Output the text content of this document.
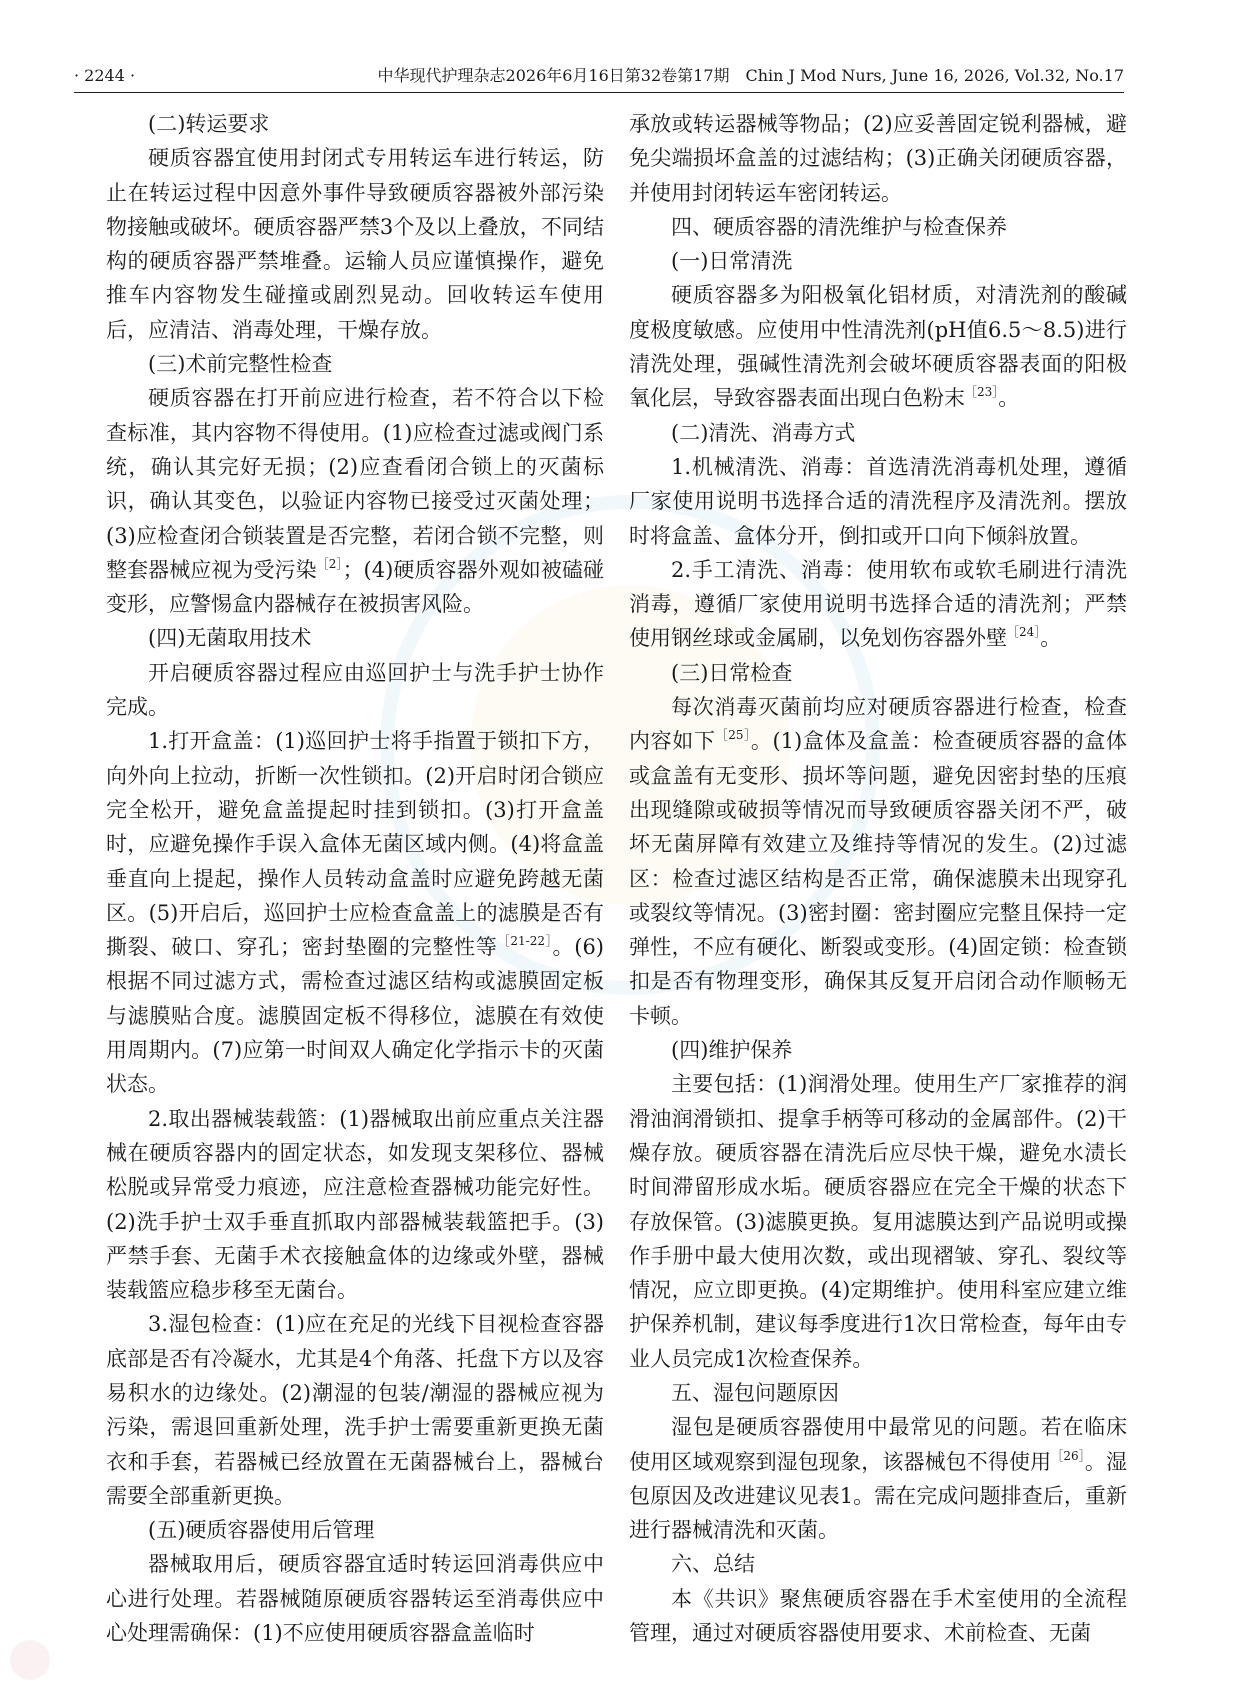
· 2244 ·	中华现代护理杂志2026年6月16日第32卷第17期　Chin J Mod Nurs, June 16, 2026, Vol.32, No.17

(二)转运要求

硬质容器宜使用封闭式专用转运车进行转运，防止在转运过程中因意外事件导致硬质容器被外部污染物接触或破坏。硬质容器严禁3个及以上叠放，不同结构的硬质容器严禁堆叠。运输人员应谨慎操作，避免推车内容物发生碰撞或剧烈晃动。回收转运车使用后，应清洁、消毒处理，干燥存放。

(三)术前完整性检查

硬质容器在打开前应进行检查，若不符合以下检查标准，其内容物不得使用。(1)应检查过滤或阀门系统，确认其完好无损；(2)应查看闭合锁上的灭菌标识，确认其变色，以验证内容物已接受过灭菌处理；(3)应检查闭合锁装置是否完整，若闭合锁不完整，则整套器械应视为受污染$^{[2]}$；(4)硬质容器外观如被磕碰变形，应警惕盒内器械存在被损害风险。

(四)无菌取用技术

开启硬质容器过程应由巡回护士与洗手护士协作完成。

1.打开盒盖：(1)巡回护士将手指置于锁扣下方，向外向上拉动，折断一次性锁扣。(2)开启时闭合锁应完全松开，避免盒盖提起时挂到锁扣。(3)打开盒盖时，应避免操作手误入盒体无菌区域内侧。(4)将盒盖垂直向上提起，操作人员转动盒盖时应避免跨越无菌区。(5)开启后，巡回护士应检查盒盖上的滤膜是否有撕裂、破口、穿孔；密封垫圈的完整性等$^{[21-22]}$。(6)根据不同过滤方式，需检查过滤区结构或滤膜固定板与滤膜贴合度。滤膜固定板不得移位，滤膜在有效使用周期内。(7)应第一时间双人确定化学指示卡的灭菌状态。

2.取出器械装载篮：(1)器械取出前应重点关注器械在硬质容器内的固定状态，如发现支架移位、器械松脱或异常受力痕迹，应注意检查器械功能完好性。(2)洗手护士双手垂直抓取内部器械装载篮把手。(3)严禁手套、无菌手术衣接触盒体的边缘或外壁，器械装载篮应稳步移至无菌台。

3.湿包检查：(1)应在充足的光线下目视检查容器底部是否有冷凝水，尤其是4个角落、托盘下方以及容易积水的边缘处。(2)潮湿的包装/潮湿的器械应视为污染，需退回重新处理，洗手护士需要重新更换无菌衣和手套，若器械已经放置在无菌器械台上，器械台需要全部重新更换。

(五)硬质容器使用后管理

器械取用后，硬质容器宜适时转运回消毒供应中心进行处理。若器械随原硬质容器转运至消毒供应中心处理需确保：(1)不应使用硬质容器盒盖临时

承放或转运器械等物品；(2)应妥善固定锐利器械，避免尖端损坏盒盖的过滤结构；(3)正确关闭硬质容器，并使用封闭转运车密闭转运。

四、硬质容器的清洗维护与检查保养

(一)日常清洗

硬质容器多为阳极氧化铝材质，对清洗剂的酸碱度极度敏感。应使用中性清洗剂(pH值6.5～8.5)进行清洗处理，强碱性清洗剂会破坏硬质容器表面的阳极氧化层，导致容器表面出现白色粉末$^{[23]}$。

(二)清洗、消毒方式

1.机械清洗、消毒：首选清洗消毒机处理，遵循厂家使用说明书选择合适的清洗程序及清洗剂。摆放时将盒盖、盒体分开，倒扣或开口向下倾斜放置。

2.手工清洗、消毒：使用软布或软毛刷进行清洗消毒，遵循厂家使用说明书选择合适的清洗剂；严禁使用钢丝球或金属刷，以免划伤容器外壁$^{[24]}$。

(三)日常检查

每次消毒灭菌前均应对硬质容器进行检查，检查内容如下$^{[25]}$。(1)盒体及盒盖：检查硬质容器的盒体或盒盖有无变形、损坏等问题，避免因密封垫的压痕出现缝隙或破损等情况而导致硬质容器关闭不严，破坏无菌屏障有效建立及维持等情况的发生。(2)过滤区：检查过滤区结构是否正常，确保滤膜未出现穿孔或裂纹等情况。(3)密封圈：密封圈应完整且保持一定弹性，不应有硬化、断裂或变形。(4)固定锁：检查锁扣是否有物理变形，确保其反复开启闭合动作顺畅无卡顿。

(四)维护保养

主要包括：(1)润滑处理。使用生产厂家推荐的润滑油润滑锁扣、提拿手柄等可移动的金属部件。(2)干燥存放。硬质容器在清洗后应尽快干燥，避免水渍长时间滞留形成水垢。硬质容器应在完全干燥的状态下存放保管。(3)滤膜更换。复用滤膜达到产品说明或操作手册中最大使用次数，或出现褶皱、穿孔、裂纹等情况，应立即更换。(4)定期维护。使用科室应建立维护保养机制，建议每季度进行1次日常检查，每年由专业人员完成1次检查保养。

五、湿包问题原因

湿包是硬质容器使用中最常见的问题。若在临床使用区域观察到湿包现象，该器械包不得使用$^{[26]}$。湿包原因及改进建议见表1。需在完成问题排查后，重新进行器械清洗和灭菌。

六、总结

本《共识》聚焦硬质容器在手术室使用的全流程管理，通过对硬质容器使用要求、术前检查、无菌
